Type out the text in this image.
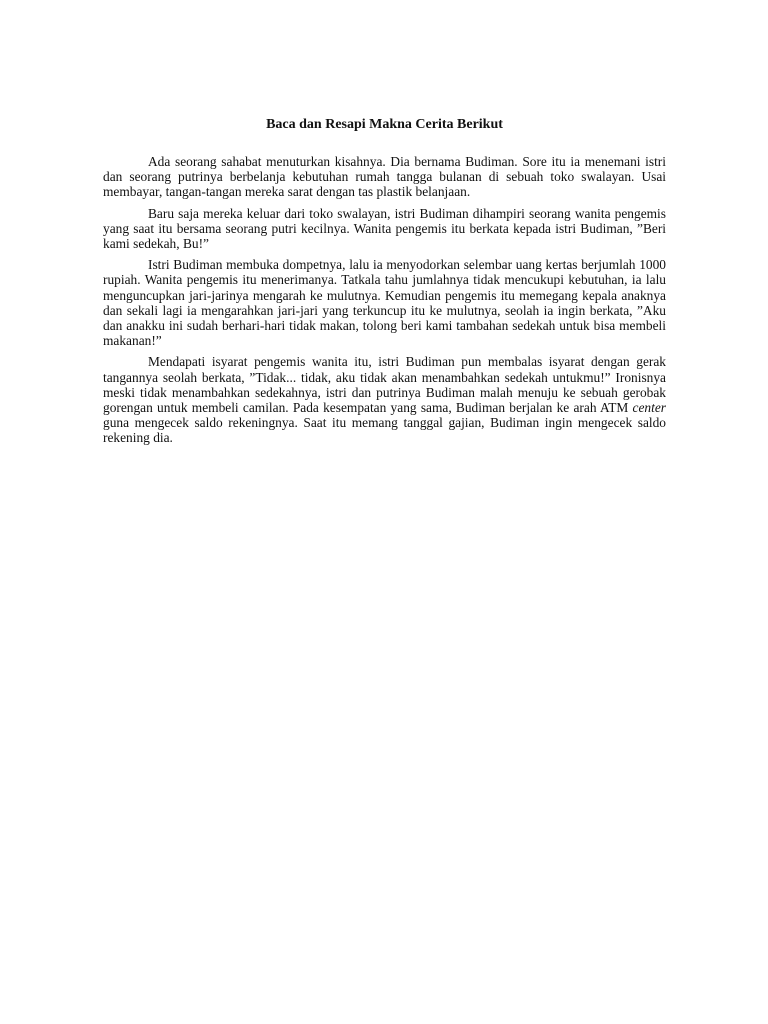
Baca dan Resapi Makna Cerita Berikut

Ada seorang sahabat menuturkan kisahnya. Dia bernama Budiman. Sore itu ia menemani istri dan seorang putrinya berbelanja kebutuhan rumah tangga bulanan di sebuah toko swalayan. Usai membayar, tangan-tangan mereka sarat dengan tas plastik belanjaan.

Baru saja mereka keluar dari toko swalayan, istri Budiman dihampiri seorang wanita pengemis yang saat itu bersama seorang putri kecilnya. Wanita pengemis itu berkata kepada istri Budiman, ”Beri kami sedekah, Bu!”

Istri Budiman membuka dompetnya, lalu ia menyodorkan selembar uang kertas berjumlah 1000 rupiah. Wanita pengemis itu menerimanya. Tatkala tahu jumlahnya tidak mencukupi kebutuhan, ia lalu menguncupkan jari-jarinya mengarah ke mulutnya. Kemudian pengemis itu memegang kepala anaknya dan sekali lagi ia mengarahkan jari-jari yang terkuncup itu ke mulutnya, seolah ia ingin berkata, ”Aku dan anakku ini sudah berhari-hari tidak makan, tolong beri kami tambahan sedekah untuk bisa membeli makanan!”

Mendapati isyarat pengemis wanita itu, istri Budiman pun membalas isyarat dengan gerak tangannya seolah berkata, ”Tidak... tidak, aku tidak akan menambahkan sedekah untukmu!” Ironisnya meski tidak menambahkan sedekahnya, istri dan putrinya Budiman malah menuju ke sebuah gerobak gorengan untuk membeli camilan. Pada kesempatan yang sama, Budiman berjalan ke arah ATM center guna mengecek saldo rekeningnya. Saat itu memang tanggal gajian, Budiman ingin mengecek saldo rekening dia.
